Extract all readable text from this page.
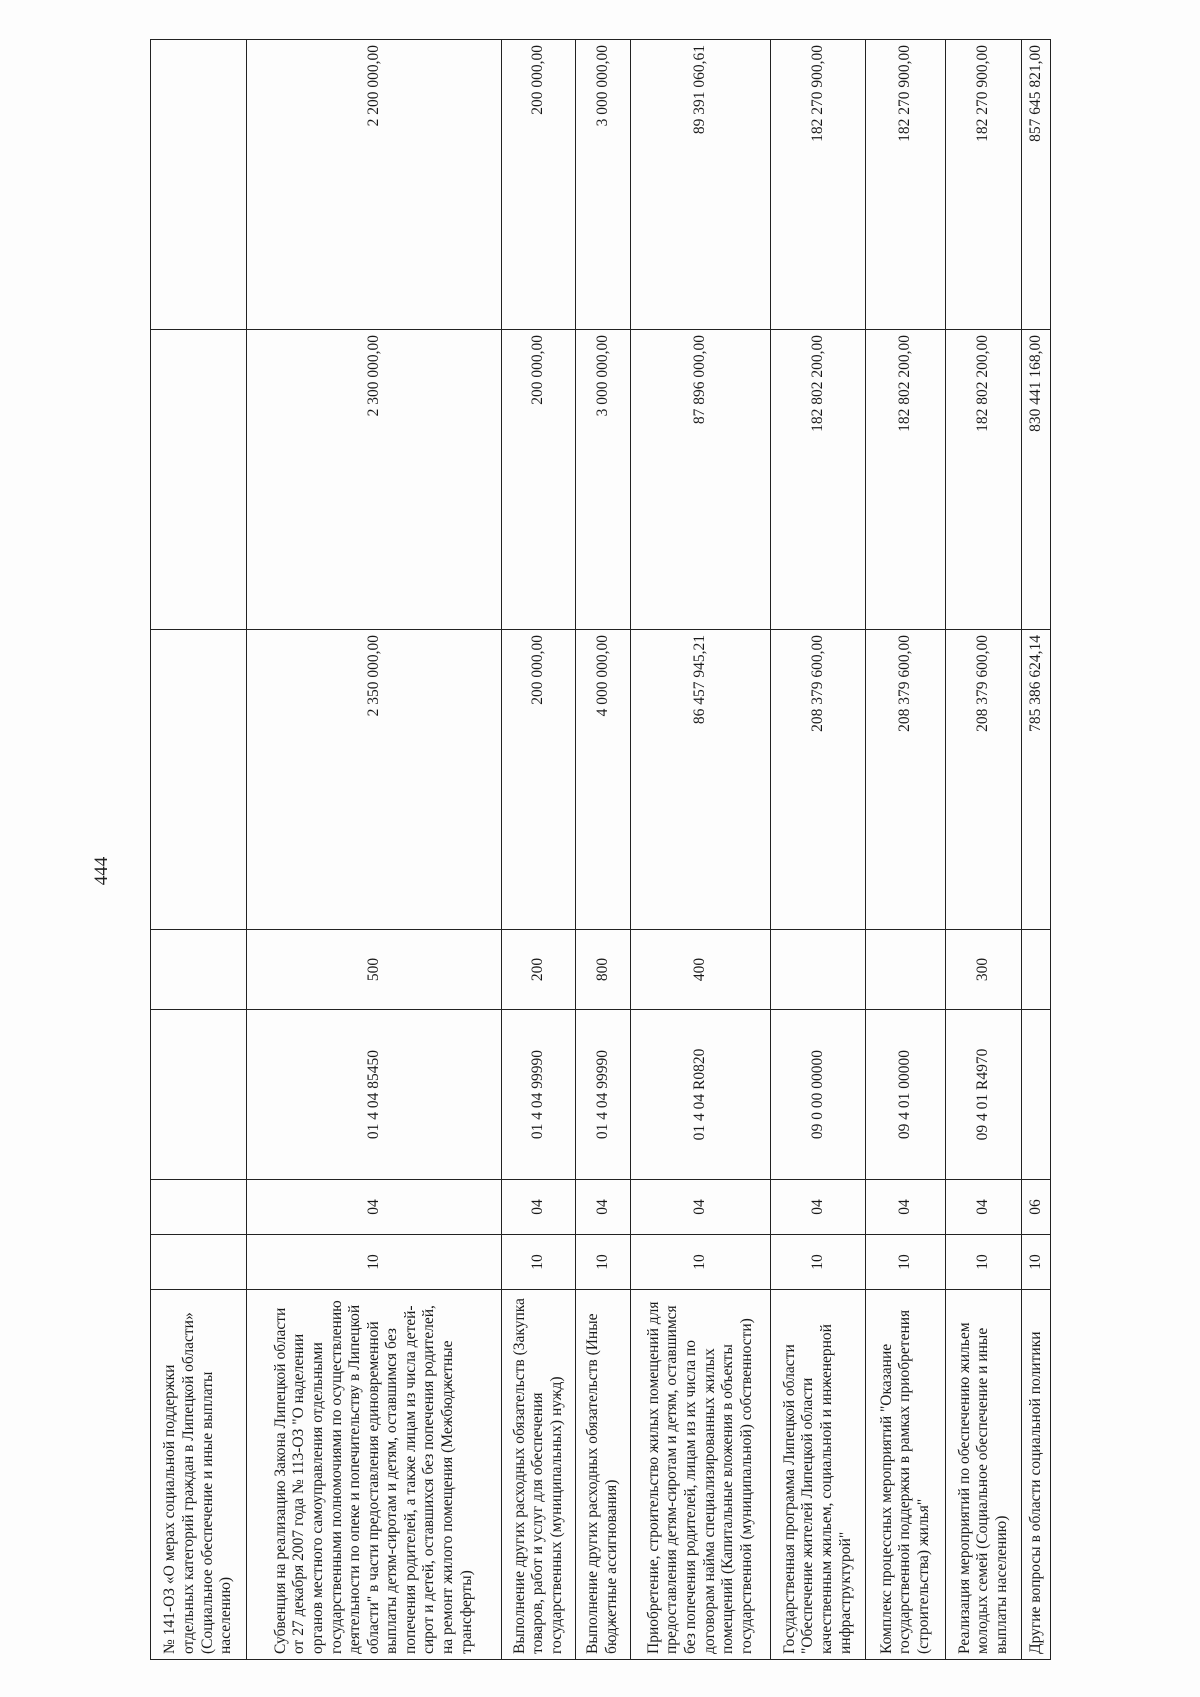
444
№ 141-ОЗ «О мерах социальной поддержки отдельных категорий граждан в Липецкой области» (Социальное обеспечение и иные выплаты населению)							
Субвенция на реализацию Закона Липецкой области от 27 декабря 2007 года № 113-ОЗ "О наделении органов местного самоуправления отдельными государственными полномочиями по осуществлению деятельности по опеке и попечительству в Липецкой области" в части предоставления единовременной выплаты детям-сиротам и детям, оставшимся без попечения родителей, а также лицам из числа детей-сирот и детей, оставшихся без попечения родителей, на ремонт жилого помещения (Межбюджетные трансферты)	10	04	01 4 04 85450	500	2 350 000,00	2 300 000,00	2 200 000,00
Выполнение других расходных обязательств (Закупка товаров, работ и услуг для обеспечения государственных (муниципальных) нужд)	10	04	01 4 04 99990	200	200 000,00	200 000,00	200 000,00
Выполнение других расходных обязательств (Иные бюджетные ассигнования)	10	04	01 4 04 99990	800	4 000 000,00	3 000 000,00	3 000 000,00
Приобретение, строительство жилых помещений для предоставления детям-сиротам и детям, оставшимся без попечения родителей, лицам из их числа по договорам найма специализированных жилых помещений (Капитальные вложения в объекты государственной (муниципальной) собственности)	10	04	01 4 04 R0820	400	86 457 945,21	87 896 000,00	89 391 060,61
Государственная программа Липецкой области "Обеспечение жителей Липецкой области качественным жильем, социальной и инженерной инфраструктурой"	10	04	09 0 00 00000		208 379 600,00	182 802 200,00	182 270 900,00
Комплекс процессных мероприятий "Оказание государственной поддержки в рамках приобретения (строительства) жилья"	10	04	09 4 01 00000		208 379 600,00	182 802 200,00	182 270 900,00
Реализация мероприятий по обеспечению жильем молодых семей (Социальное обеспечение и иные выплаты населению)	10	04	09 4 01 R4970	300	208 379 600,00	182 802 200,00	182 270 900,00
Другие вопросы в области социальной политики	10	06			785 386 624,14	830 441 168,00	857 645 821,00
